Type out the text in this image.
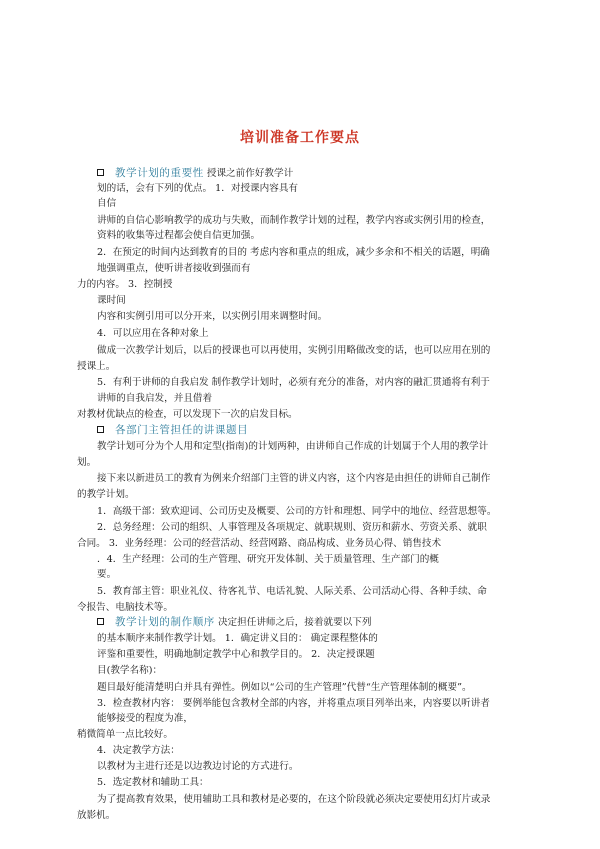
培训准备工作要点
教学计划的重要性 授课之前作好教学计
划的话，会有下列的优点。 1．对授课内容具有
自信
讲师的自信心影响教学的成功与失败，而制作教学计划的过程，教学内容或实例引用的检查，
资料的收集等过程都会使自信更加强。
2．在预定的时间内达到教育的目的 考虑内容和重点的组成，减少多余和不相关的话题，明确
地强调重点，使听讲者接收到强而有
力的内容。 3．控制授
课时间
内容和实例引用可以分开来，以实例引用来调整时间。
4．可以应用在各种对象上
做成一次教学计划后，以后的授课也可以再使用，实例引用略做改变的话，也可以应用在别的
授课上。
5．有利于讲师的自我启发 制作教学计划时，必须有充分的准备，对内容的融汇贯通将有利于
讲师的自我启发，并且借着
对教材优缺点的检查，可以发现下一次的启发目标。
各部门主管担任的讲课题目
教学计划可分为个人用和定型(指南)的计划两种，由讲师自己作成的计划属于个人用的教学计
划。
接下来以新进员工的教育为例来介绍部门主管的讲义内容，这个内容是由担任的讲师自己制作
的教学计划。
1．高级干部：致欢迎词、公司历史及概要、公司的方针和理想、同学中的地位、经营思想等。
2．总务经理：公司的组织、人事管理及各项规定、就职规则、资历和薪水、劳资关系、就职
合同。 3．业务经理：公司的经营活动、经营网路、商品构成、业务员心得、销售技术
．4．生产经理：公司的生产管理、研究开发体制、关于质量管理、生产部门的概
要。
5．教育部主管：职业礼仪、待客礼节、电话礼貌、人际关系、公司活动心得、各种手续、命
令报告、电脑技术等。
教学计划的制作顺序 决定担任讲师之后，接着就要以下列
的基本顺序来制作教学计划。 1．确定讲义目的： 确定课程整体的
评鉴和重要性，明确地制定教学中心和教学目的。 2．决定授课题
目(教学名称)：
题目最好能清楚明白并具有弹性。例如以“公司的生产管理”代替“生产管理体制的概要”。
3．检查教材内容： 要例举能包含教材全部的内容，并将重点项目列举出来，内容要以听讲者
能够接受的程度为准，
稍微简单一点比较好。
4．决定教学方法：
以教材为主进行还是以边教边讨论的方式进行。
5．选定教材和辅助工具：
为了提高教育效果，使用辅助工具和教材是必要的，在这个阶段就必须决定要使用幻灯片或录
放影机。
